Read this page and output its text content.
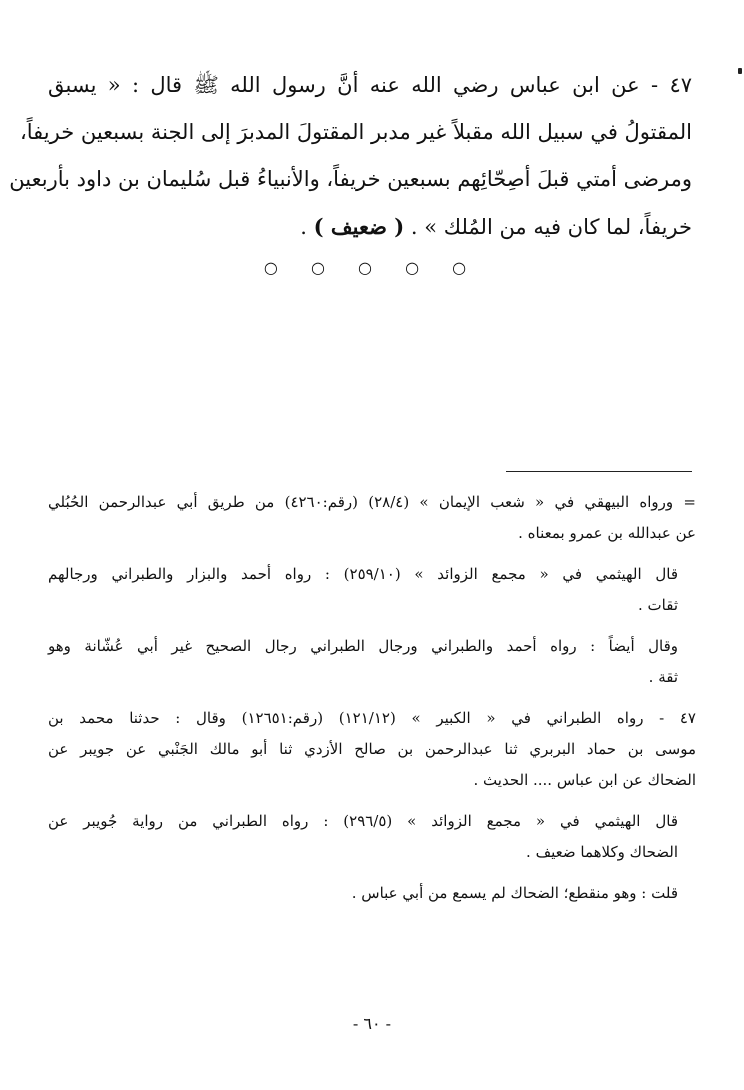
٤٧ - عن ابن عباس رضي الله عنه أنَّ رسول الله ﷺ قال : « يسبق
المقتولُ في سبيل الله مقبلاً غير مدبر المقتولَ المدبرَ إلى الجنة بسبعين خريفاً،
ومرضى أمتي قبلَ أصِحّائِهم بسبعين خريفاً، والأنبياءُ قبل سُليمان بن داود بأربعين
خريفاً، لما كان فيه من المُلك » . ( ضعيف ) .
○ ○ ○ ○ ○
= ورواه البيهقي في « شعب الإيمان » (٢٨/٤) (رقم:٤٢٦٠) من طريق أبي عبدالرحمن الحُبُلي
عن عبدالله بن عمرو بمعناه .
قال الهيثمي في « مجمع الزوائد » (٢٥٩/١٠) : رواه أحمد والبزار والطبراني ورجالهم
ثقات .
وقال أيضاً : رواه أحمد والطبراني ورجال الطبراني رجال الصحيح غير أبي عُشّانة وهو
ثقة .
٤٧ - رواه الطبراني في « الكبير » (١٢١/١٢) (رقم:١٢٦٥١) وقال : حدثنا محمد بن
موسى بن حماد البربري ثنا عبدالرحمن بن صالح الأزدي ثنا أبو مالك الجَنْبي عن جويبر عن
الضحاك عن ابن عباس .... الحديث .
قال الهيثمي في « مجمع الزوائد » (٢٩٦/٥) : رواه الطبراني من رواية جُويبر عن
الضحاك وكلاهما ضعيف .
قلت : وهو منقطع؛ الضحاك لم يسمع من أبي عباس .
- ٦٠ -
